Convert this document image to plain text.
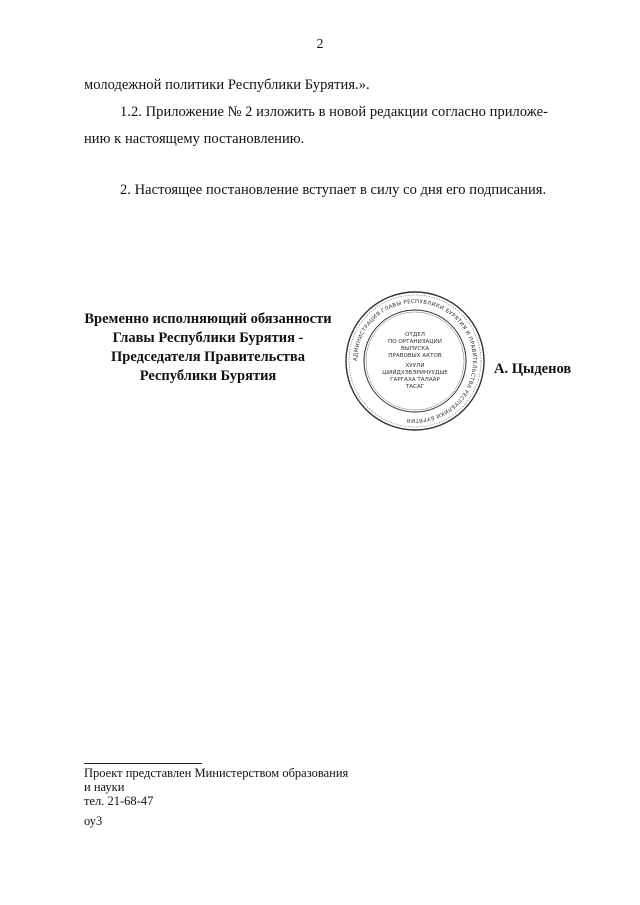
2
молодежной политики Республики Бурятия.».
1.2. Приложение № 2 изложить в новой редакции согласно приложе-
нию к настоящему постановлению.
2. Настоящее постановление вступает в силу со дня его подписания.
Временно исполняющий обязанности
Главы Республики Бурятия -
Председателя Правительства
Республики Бурятия
АДМИНИСТРАЦИЯ ГЛАВЫ РЕСПУБЛИКИ БУРЯТИЯ И ПРАВИТЕЛЬСТВА РЕСПУБЛИКИ БУРЯТИЯ
ОТДЕЛ
ПО ОРГАНИЗАЦИИ
ВЫПУСКА
ПРАВОВЫХ АКТОВ
ХУУЛИ
ШИЙДХЭБЭРИНУУДЫЕ
ГАРГАХА ТАЛААР
ТАСАГ
А. Цыденов
Проект представлен Министерством образования
и науки
тел. 21-68-47
оу3
